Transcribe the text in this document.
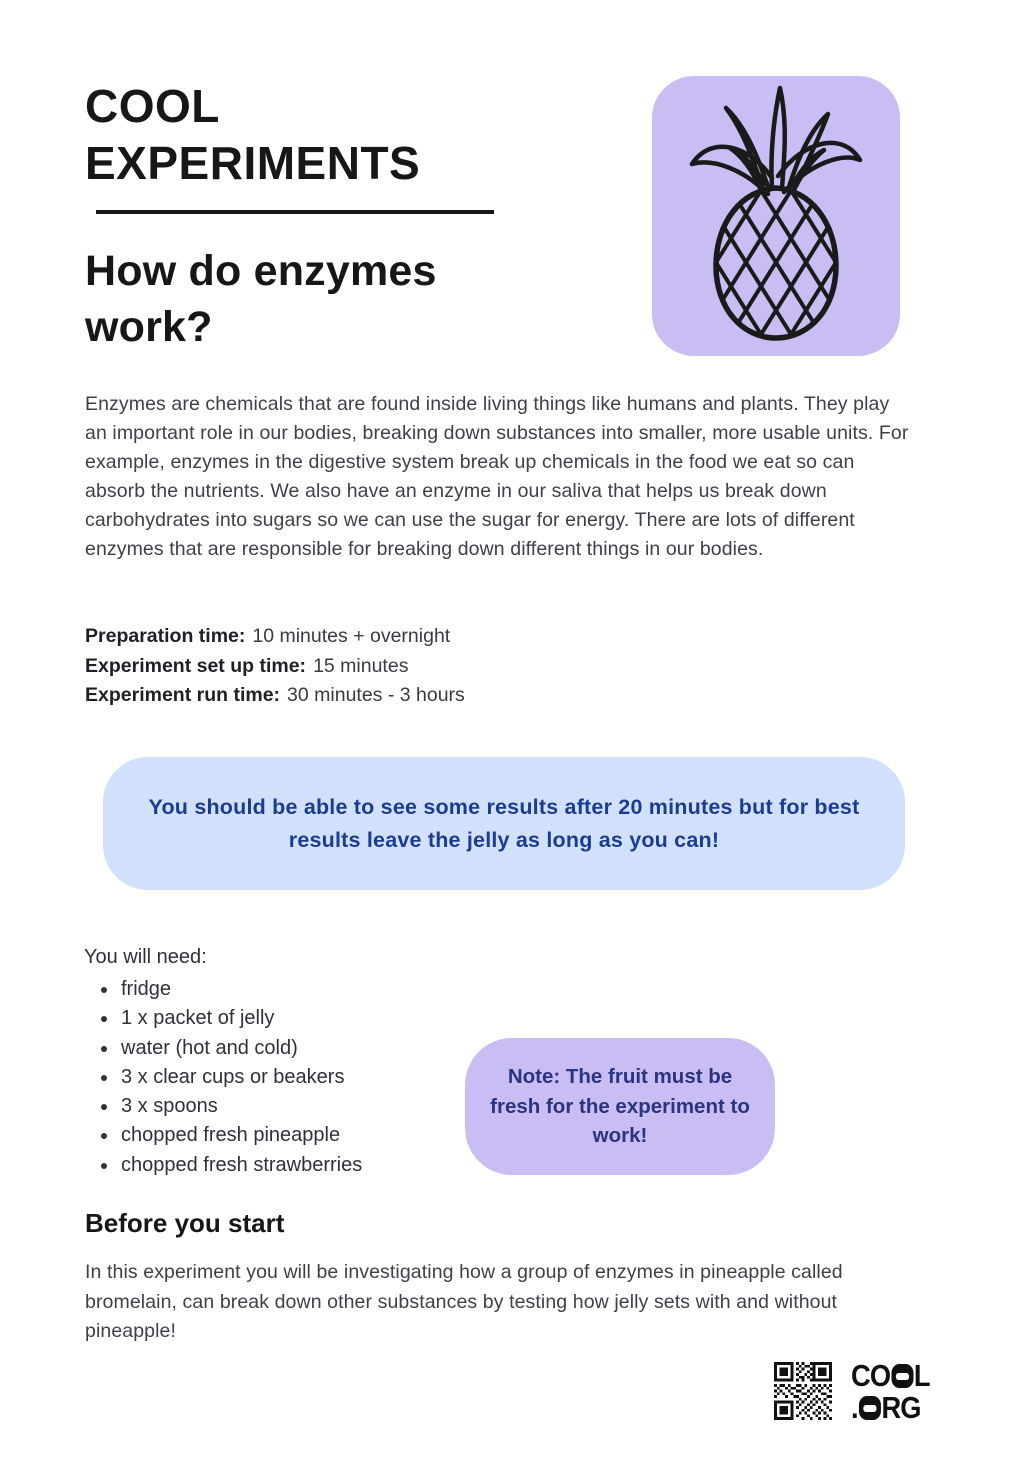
COOL
EXPERIMENTS
How do enzymes
work?

Enzymes are chemicals that are found inside living things like humans and plants. They play an important role in our bodies, breaking down substances into smaller, more usable units. For example, enzymes in the digestive system break up chemicals in the food we eat so can absorb the nutrients. We also have an enzyme in our saliva that helps us break down carbohydrates into sugars so we can use the sugar for energy. There are lots of different enzymes that are responsible for breaking down different things in our bodies.

Preparation time: 10 minutes + overnight
Experiment set up time: 15 minutes
Experiment run time: 30 minutes - 3 hours

You should be able to see some results after 20 minutes but for best results leave the jelly as long as you can!

You will need:

fridge
1 x packet of jelly
water (hot and cold)
3 x clear cups or beakers
3 x spoons
chopped fresh pineapple
chopped fresh strawberries

Note: The fruit must be fresh for the experiment to work!

Before you start

In this experiment you will be investigating how a group of enzymes in pineapple called bromelain, can break down other substances by testing how jelly sets with and without pineapple!

CO L
. RG
